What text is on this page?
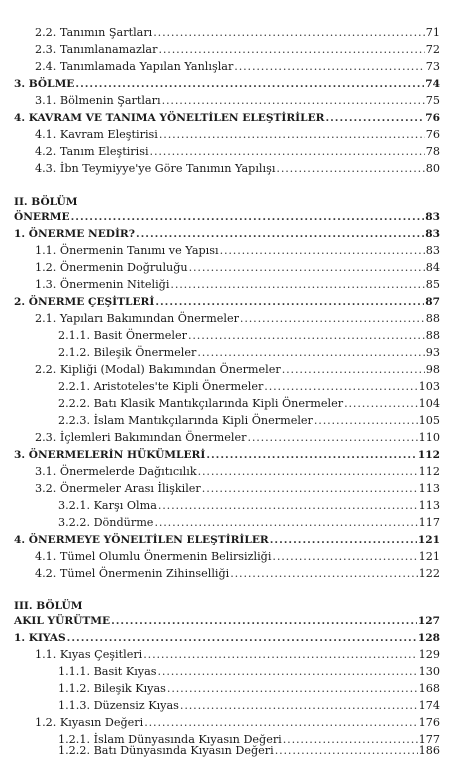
2.2. Tanımın Şartları . . .	71
2.3. Tanımlanamazlar . . .	72
2.4. Tanımlamada Yapılan Yanlışlar . . .	73
3. BÖLME . . .	74
3.1. Bölmenin Şartları . . .	75
4. KAVRAM VE TANIMA YÖNELTİLEN ELEŞTİRİLER . . .	76
4.1. Kavram Eleştirisi . . .	76
4.2. Tanım Eleştirisi . . .	78
4.3. İbn Teymiyye'ye Göre Tanımın Yapılışı . . .	80
II. BÖLÜM
ÖNERME . . .	83
1. ÖNERME NEDİR? . . .	83
1.1. Önermenin Tanımı ve Yapısı . . .	83
1.2. Önermenin Doğruluğu . . .	84
1.3. Önermenin Niteliği . . .	85
2. ÖNERME ÇEŞİTLERİ . . .	87
2.1. Yapıları Bakımından Önermeler . . .	88
2.1.1. Basit Önermeler . . .	88
2.1.2. Bileşik Önermeler . . .	93
2.2. Kipliği (Modal) Bakımından Önermeler . . .	98
2.2.1. Aristoteles'te Kipli Önermeler . . .	103
2.2.2. Batı Klasik Mantıkçılarında Kipli Önermeler . . .	104
2.2.3. İslam Mantıkçılarında Kipli Önermeler . . .	105
2.3. İçlemleri Bakımından Önermeler . . .	110
3. ÖNERMELERİN HÜKÜMLERİ . . .	112
3.1. Önermelerde Dağıtıcılık . . .	112
3.2. Önermeler Arası İlişkiler . . .	113
3.2.1. Karşı Olma . . .	113
3.2.2. Döndürme . . .	117
4. ÖNERMEYE YÖNELTİLEN ELEŞTİRİLER . . .	121
4.1. Tümel Olumlu Önermenin Belirsizliği . . .	121
4.2. Tümel Önermenin Zihinselliği . . .	122
III. BÖLÜM
AKIL YÜRÜTME . . .	127
1. KIYAS . . .	128
1.1. Kıyas Çeşitleri . . .	129
1.1.1. Basit Kıyas . . .	130
1.1.2. Bileşik Kıyas . . .	168
1.1.3. Düzensiz Kıyas . . .	174
1.2. Kıyasın Değeri . . .	176
1.2.1. İslam Dünyasında Kıyasın Değeri . . .	177
1.2.2. Batı Dünyasında Kıyasın Değeri . . .	186
